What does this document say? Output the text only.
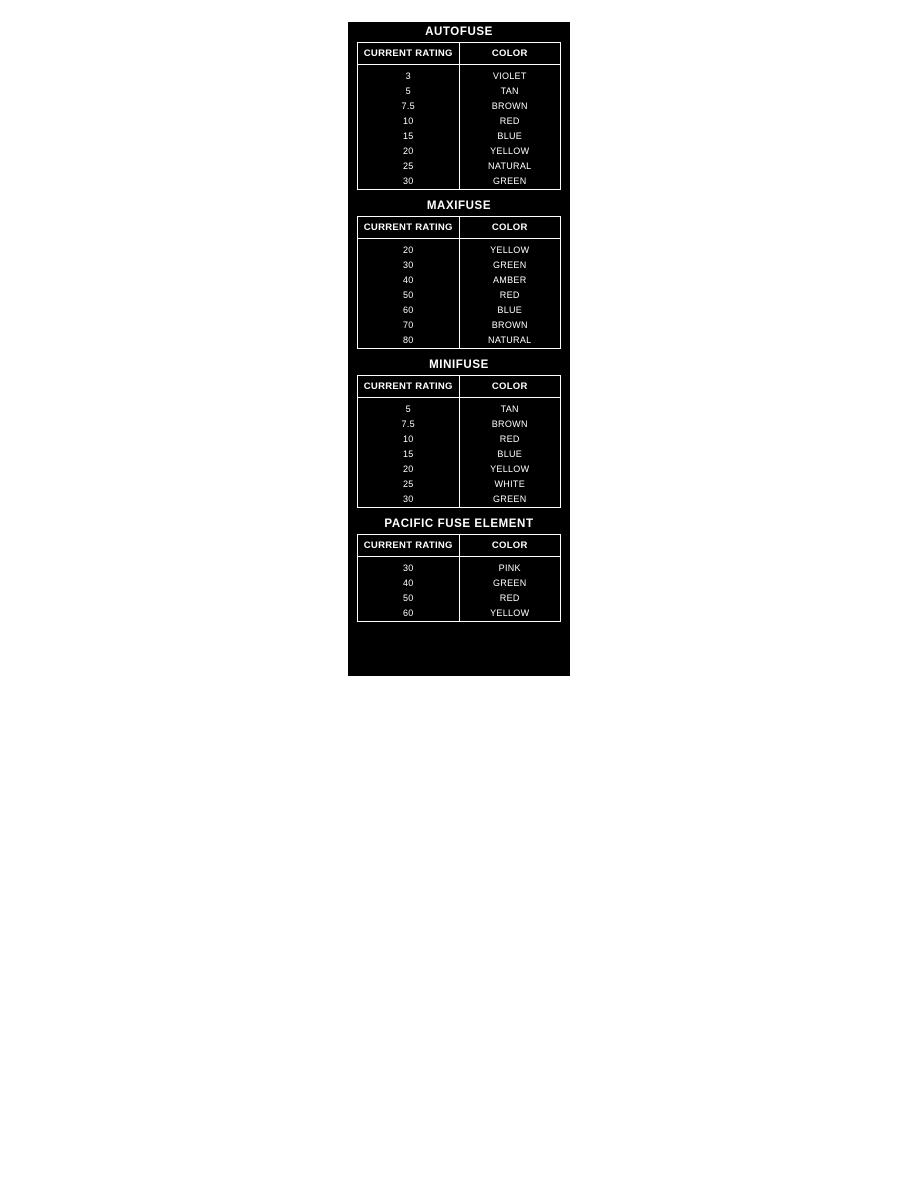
AUTOFUSE
CURRENT RATING	COLOR
3	VIOLET
5	TAN
7.5	BROWN
10	RED
15	BLUE
20	YELLOW
25	NATURAL
30	GREEN
MAXIFUSE
CURRENT RATING	COLOR
20	YELLOW
30	GREEN
40	AMBER
50	RED
60	BLUE
70	BROWN
80	NATURAL
MINIFUSE
CURRENT RATING	COLOR
5	TAN
7.5	BROWN
10	RED
15	BLUE
20	YELLOW
25	WHITE
30	GREEN
PACIFIC FUSE ELEMENT
CURRENT RATING	COLOR
30	PINK
40	GREEN
50	RED
60	YELLOW
